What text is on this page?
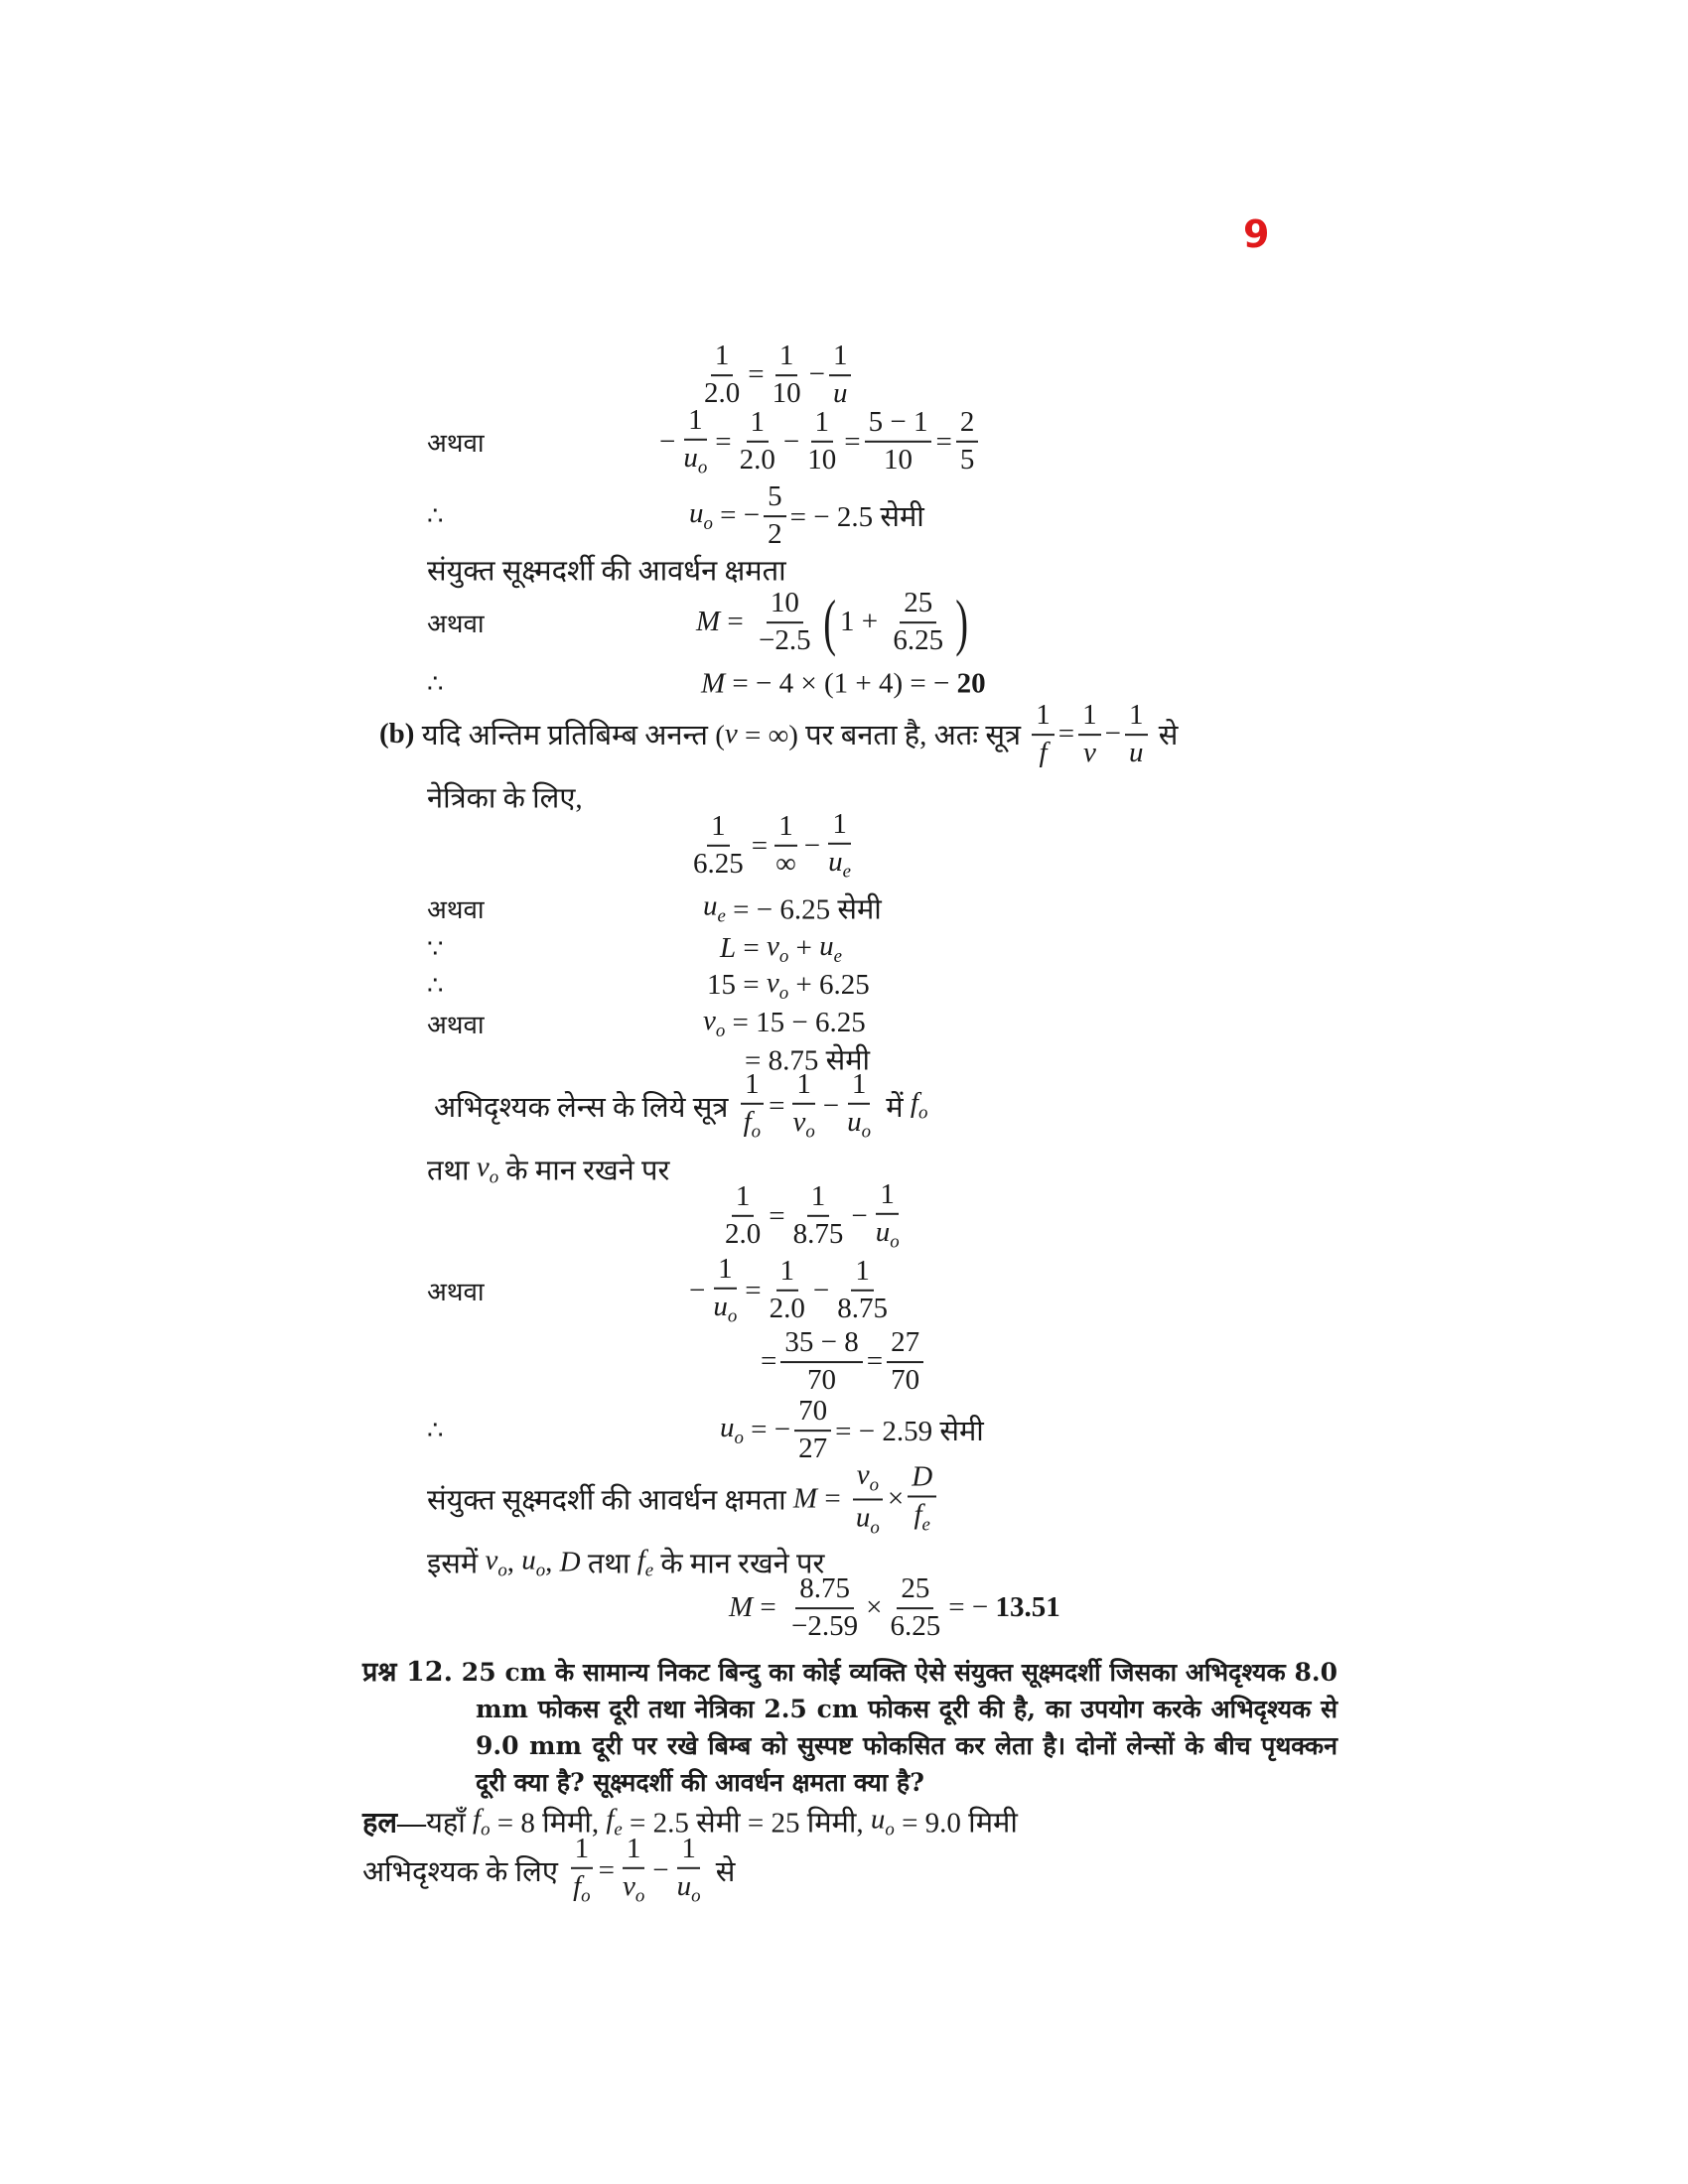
9
$\frac{1}{2.0} = \frac{1}{10} - \frac{1}{u}$
− $\frac{1}{u_o} = \frac{1}{2.0} - \frac{1}{10} = \frac{5 - 1}{10} = \frac{2}{5}$
$u_o$ = − $\frac{5}{2}$ = − 2.5 सेमी
संयुक्त सूक्ष्मदर्शी की आवर्धन क्षमता
$M = \frac{10}{-2.5}$ ( $1 + \frac{25}{6.25}$ )
M = − 4 × (1 + 4) = − 20
(b) यदि अन्तिम प्रतिबिम्ब अनन्त ( v = ∞) पर बनता है, अतः सूत्र $\frac{1}{f} = \frac{1}{v} - \frac{1}{u}$ से
नेत्रिका के लिए,
$\frac{1}{6.25}$ =
1
∞
− $\frac{1}{u_e}$
$u_e$ = − 6.25 सेमी
$L = v_o + u_e$
$15 = v_o + 6.25$
$v_o = 15 - 6.25$
= 8.75 सेमी
अभिदृश्यक लेन्स के लिये सूत्र $\frac{1}{f_o} = \frac{1}{v_o} - \frac{1}{u_o}$ में $f_o$
तथा $v_o$ के मान रखने पर
$\frac{1}{2.0} = \frac{1}{8.75} - \frac{1}{u_o}$
− $\frac{1}{u_o} = \frac{1}{2.0} - \frac{1}{8.75}$
= $\frac{35 - 8}{70} = \frac{27}{70}$
$u_o$ = − $\frac{70}{27}$ = − 2.59 सेमी
संयुक्त सूक्ष्मदर्शी की आवर्धन क्षमता $M = \frac{v_o}{u_o} \times \frac{D}{f_e}$
इसमें $v_o$ , $u_o$ , D तथा $f_e$ के मान रखने पर
$M = \frac{8.75}{-2.59} \times \frac{25}{6.25}$ = − 13.51
हल— यहाँ $f_o = 8$ मिमी, $f_e = 2.5$ सेमी = 25 मिमी, $u_o = 9.0$ मिमी
अभिदृश्यक के लिए $\frac{1}{f_o} = \frac{1}{v_o} - \frac{1}{u_o}$ से
अथवा
∴
अथवा
∴
अथवा
∵
∴
अथवा
अथवा
∴
प्रश्न 12. 25 cm के सामान्य निकट बिन्दु का कोई व्यक्ति ऐसे संयुक्त सूक्ष्मदर्शी जिसका अभिदृश्यक 8.0 mm फोकस दूरी तथा नेत्रिका 2.5 cm फोकस दूरी की है, का उपयोग करके अभिदृश्यक से 9.0 mm दूरी पर रखे बिम्ब को सुस्पष्ट फोकसित कर लेता है। दोनों लेन्सों के बीच पृथक्कन दूरी क्या है? सूक्ष्मदर्शी की आवर्धन क्षमता क्या है?
